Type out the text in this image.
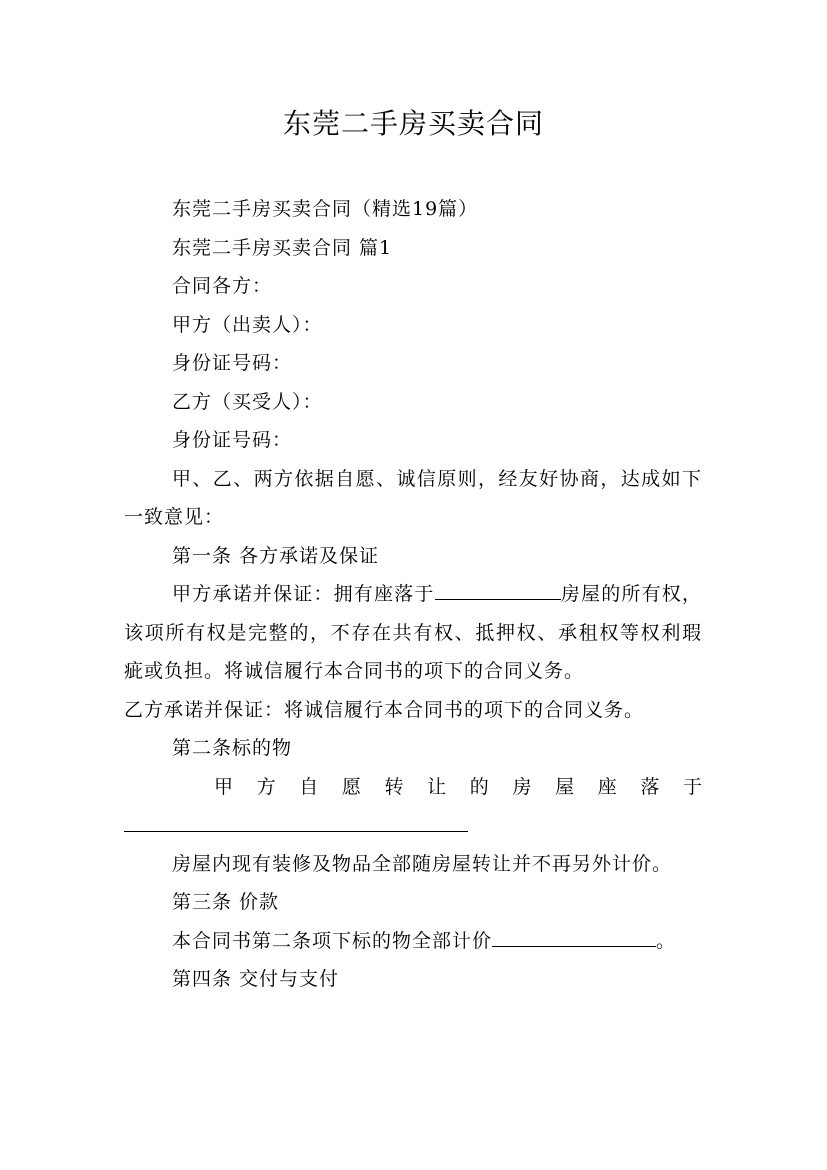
东莞二手房买卖合同

东莞二手房买卖合同（精选19篇）

东莞二手房买卖合同 篇1

合同各方：

甲方（出卖人）：

身份证号码：

乙方（买受人）：

身份证号码：

甲、乙、两方依据自愿、诚信原则，经友好协商，达成如下一致意见：

第一条 各方承诺及保证

甲方承诺并保证：拥有座落于	房屋的所有权，该项所有权是完整的，不存在共有权、抵押权、承租权等权利瑕疵或负担。将诚信履行本合同书的项下的合同义务。

乙方承诺并保证：将诚信履行本合同书的项下的合同义务。

第二条标的物

甲方自愿转让的房屋座落于

房屋内现有装修及物品全部随房屋转让并不再另外计价。

第三条 价款

本合同书第二条项下标的物全部计价	。

第四条 交付与支付
